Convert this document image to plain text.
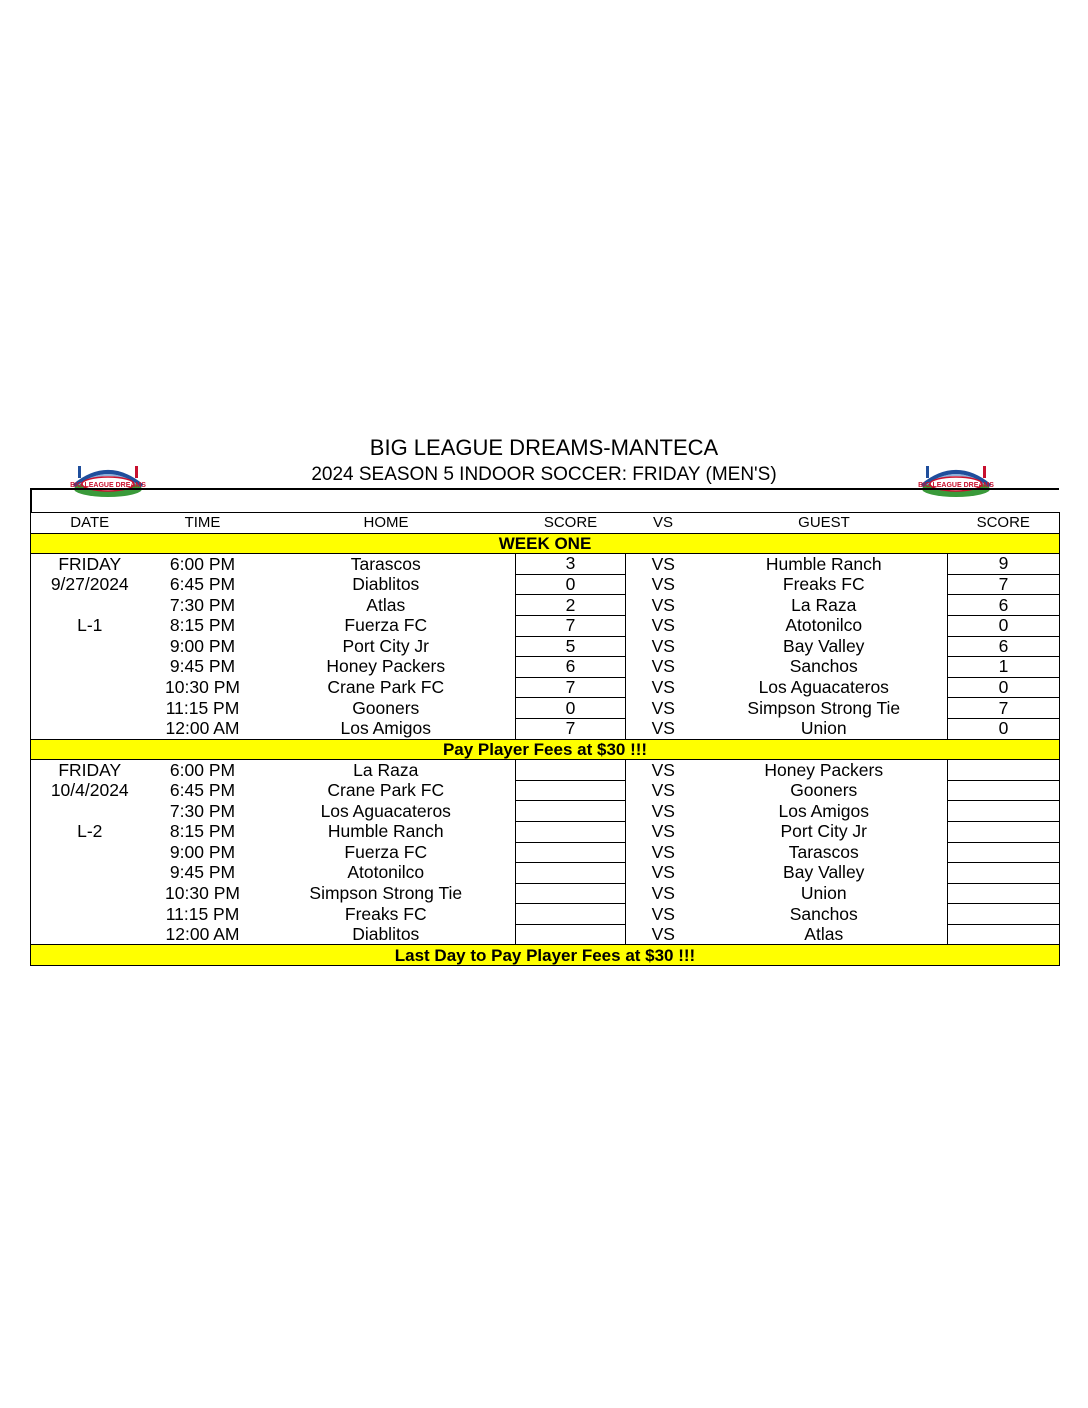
BIG LEAGUE DREAMS-MANTECA
2024 SEASON 5 INDOOR SOCCER: FRIDAY (MEN'S)
BIG LEAGUE DREAMS	BIG LEAGUE DREAMS
DATE	TIME	HOME	SCORE	VS	GUEST	SCORE
WEEK ONE						
FRIDAY	6:00 PM	Tarascos	3	VS	Humble Ranch	9
9/27/2024	6:45 PM	Diablitos	0	VS	Freaks FC	7
	7:30 PM	Atlas	2	VS	La Raza	6
L-1	8:15 PM	Fuerza FC	7	VS	Atotonilco	0
	9:00 PM	Port City Jr	5	VS	Bay Valley	6
	9:45 PM	Honey Packers	6	VS	Sanchos	1
	10:30 PM	Crane Park FC	7	VS	Los Aguacateros	0
	11:15 PM	Gooners	0	VS	Simpson Strong Tie	7
	12:00 AM	Los Amigos	7	VS	Union	0
Pay Player Fees at $30 !!!						
FRIDAY	6:00 PM	La Raza		VS	Honey Packers	
10/4/2024	6:45 PM	Crane Park FC		VS	Gooners	
	7:30 PM	Los Aguacateros		VS	Los Amigos	
L-2	8:15 PM	Humble Ranch		VS	Port City Jr	
	9:00 PM	Fuerza FC		VS	Tarascos	
	9:45 PM	Atotonilco		VS	Bay Valley	
	10:30 PM	Simpson Strong Tie		VS	Union	
	11:15 PM	Freaks FC		VS	Sanchos	
	12:00 AM	Diablitos		VS	Atlas	
Last Day to Pay Player Fees at $30 !!!						
